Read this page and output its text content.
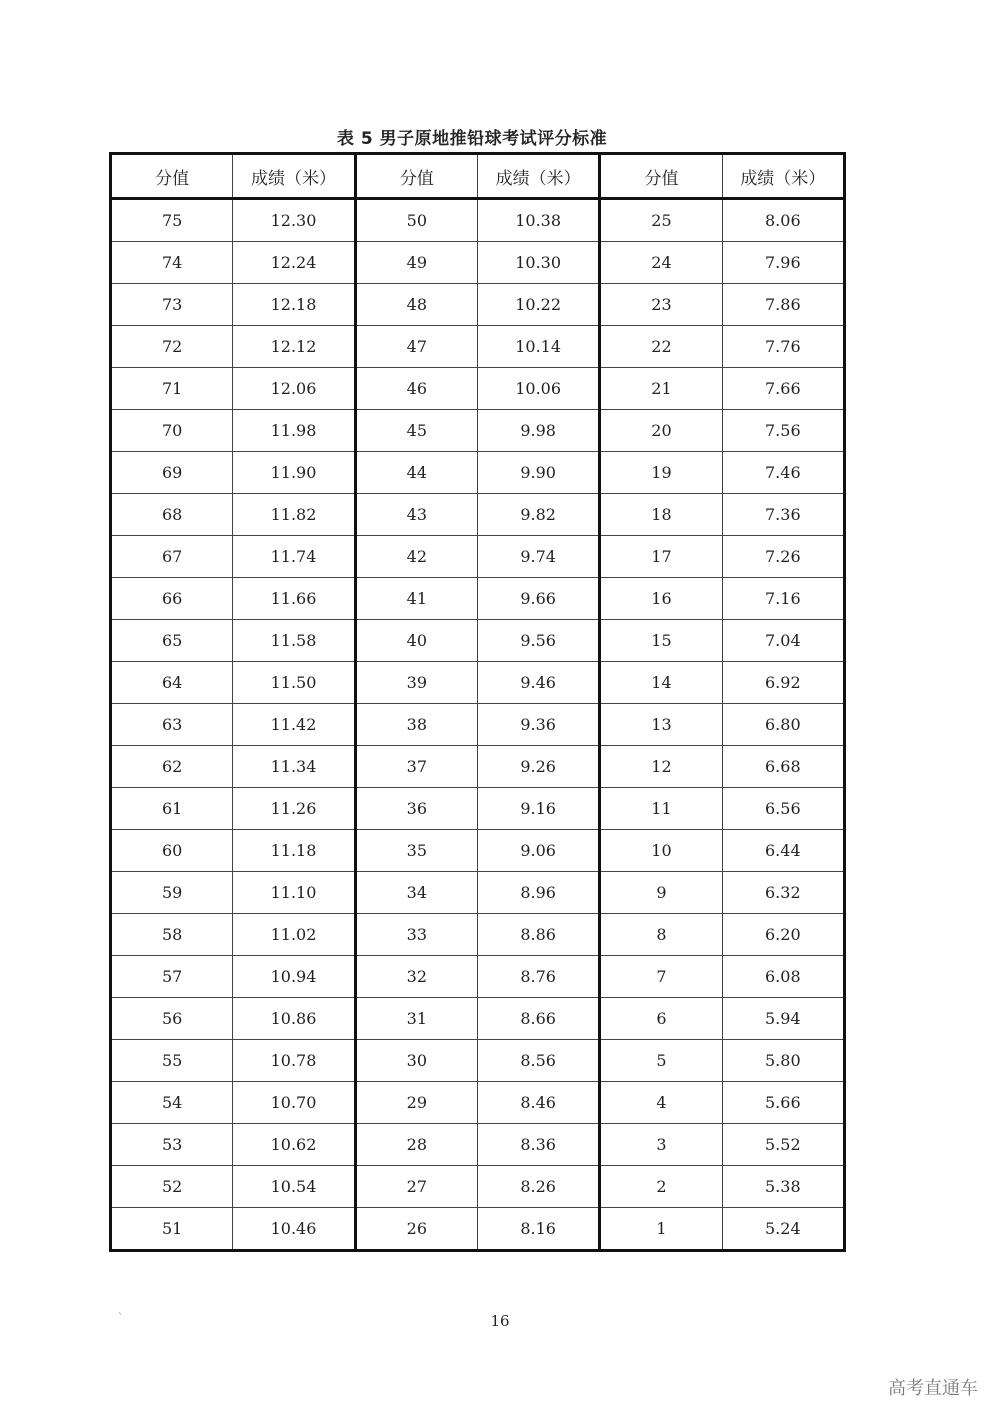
表 5 男子原地推铅球考试评分标准
分值	成绩（米）	分值	成绩（米）	分值	成绩（米）
75	12.30	50	10.38	25	8.06
74	12.24	49	10.30	24	7.96
73	12.18	48	10.22	23	7.86
72	12.12	47	10.14	22	7.76
71	12.06	46	10.06	21	7.66
70	11.98	45	9.98	20	7.56
69	11.90	44	9.90	19	7.46
68	11.82	43	9.82	18	7.36
67	11.74	42	9.74	17	7.26
66	11.66	41	9.66	16	7.16
65	11.58	40	9.56	15	7.04
64	11.50	39	9.46	14	6.92
63	11.42	38	9.36	13	6.80
62	11.34	37	9.26	12	6.68
61	11.26	36	9.16	11	6.56
60	11.18	35	9.06	10	6.44
59	11.10	34	8.96	9	6.32
58	11.02	33	8.86	8	6.20
57	10.94	32	8.76	7	6.08
56	10.86	31	8.66	6	5.94
55	10.78	30	8.56	5	5.80
54	10.70	29	8.46	4	5.66
53	10.62	28	8.36	3	5.52
52	10.54	27	8.26	2	5.38
51	10.46	26	8.16	1	5.24
`	16
高考直通车
